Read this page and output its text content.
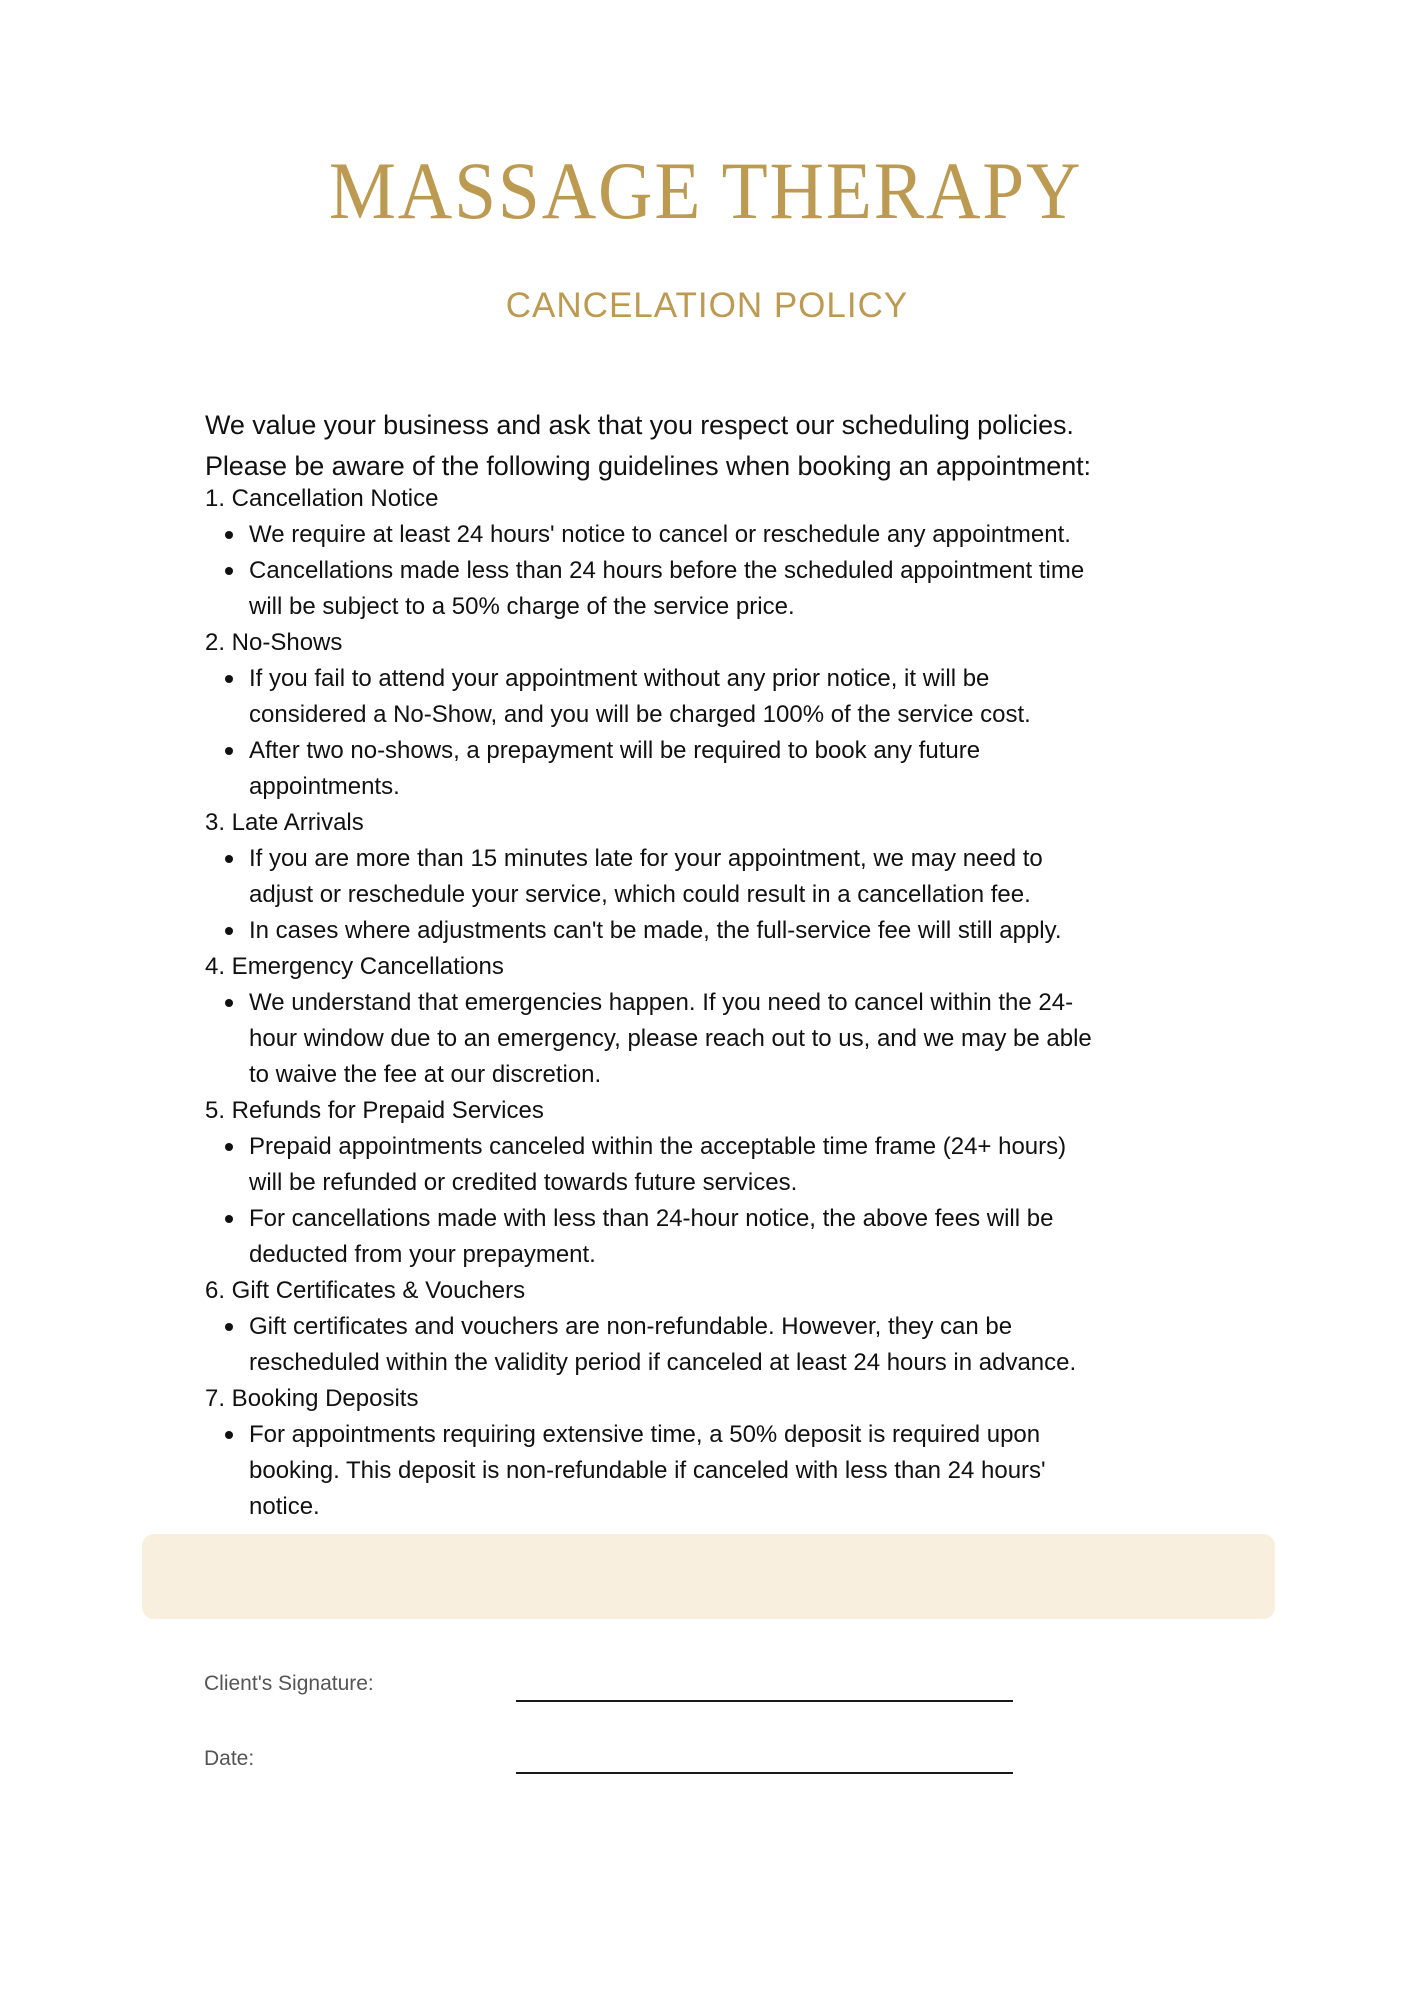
MASSAGE THERAPY
CANCELATION POLICY
We value your business and ask that you respect our scheduling policies.
Please be aware of the following guidelines when booking an appointment:
1. Cancellation Notice
We require at least 24 hours' notice to cancel or reschedule any appointment.
Cancellations made less than 24 hours before the scheduled appointment time
will be subject to a 50% charge of the service price.
2. No-Shows
If you fail to attend your appointment without any prior notice, it will be
considered a No-Show, and you will be charged 100% of the service cost.
After two no-shows, a prepayment will be required to book any future
appointments.
3. Late Arrivals
If you are more than 15 minutes late for your appointment, we may need to
adjust or reschedule your service, which could result in a cancellation fee.
In cases where adjustments can't be made, the full-service fee will still apply.
4. Emergency Cancellations
We understand that emergencies happen. If you need to cancel within the 24-
hour window due to an emergency, please reach out to us, and we may be able
to waive the fee at our discretion.
5. Refunds for Prepaid Services
Prepaid appointments canceled within the acceptable time frame (24+ hours)
will be refunded or credited towards future services.
For cancellations made with less than 24-hour notice, the above fees will be
deducted from your prepayment.
6. Gift Certificates & Vouchers
Gift certificates and vouchers are non-refundable. However, they can be
rescheduled within the validity period if canceled at least 24 hours in advance.
7. Booking Deposits
For appointments requiring extensive time, a 50% deposit is required upon
booking. This deposit is non-refundable if canceled with less than 24 hours'
notice.
Client's Signature:
Date:
